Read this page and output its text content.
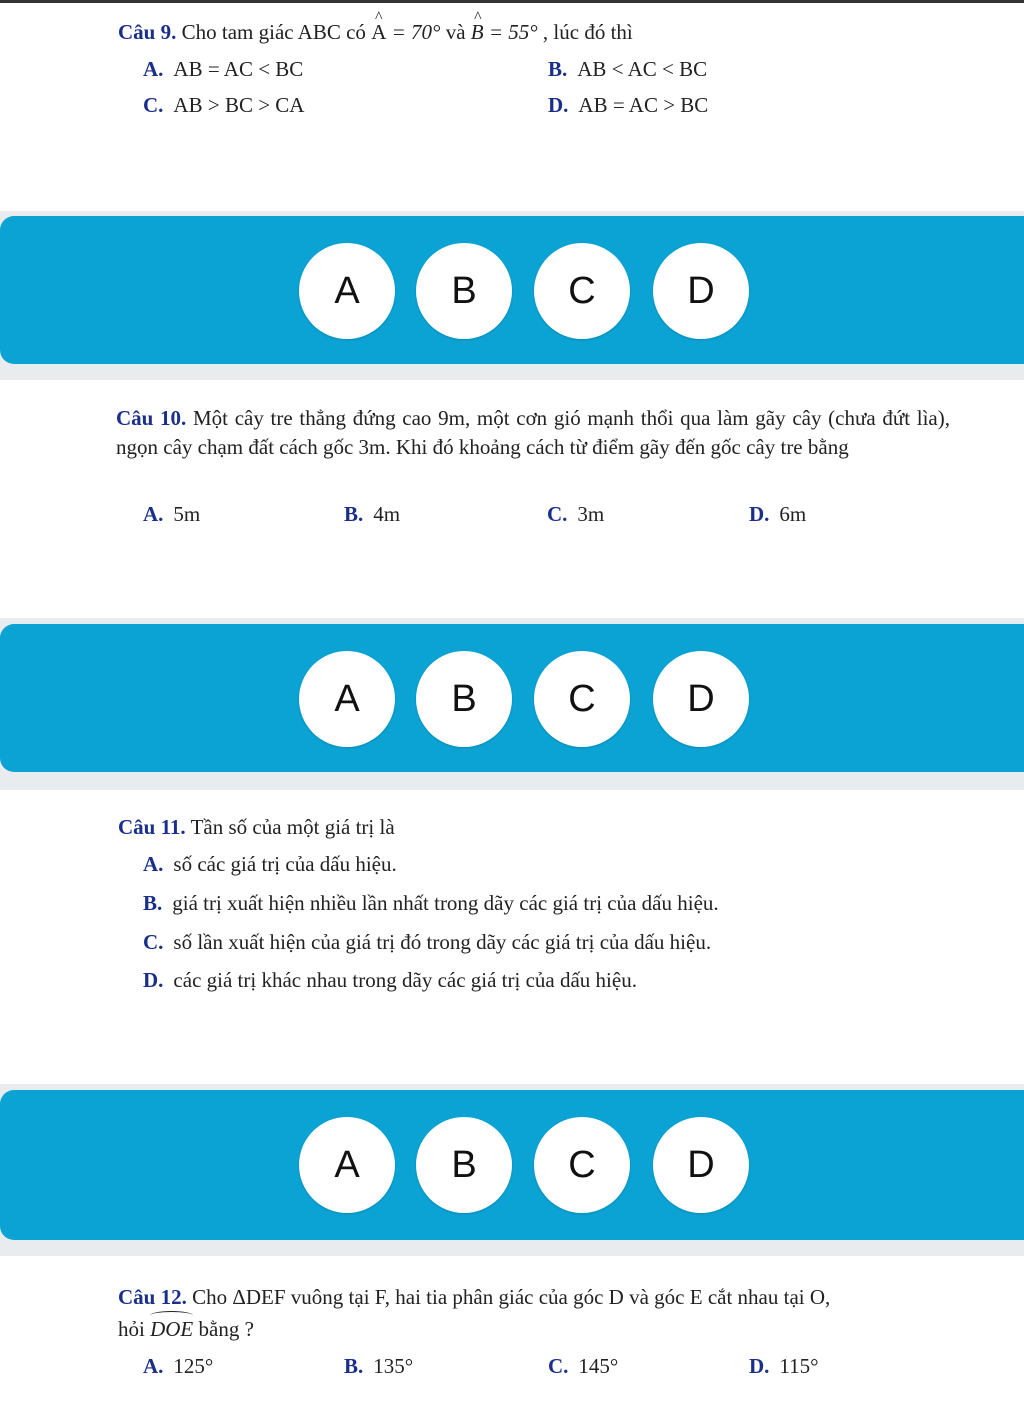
Câu 9. Cho tam giác ABC có ^ A = 70° và ^ B = 55° , lúc đó thì
A. AB = AC < BC	B. AB < AC < BC
C. AB > BC > CA	D. AB = AC > BC
A	B	C	D
Câu 10. Một cây tre thẳng đứng cao 9m, một cơn gió mạnh thổi qua làm gãy cây (chưa đứt lìa), ngọn cây chạm đất cách gốc 3m. Khi đó khoảng cách từ điểm gãy đến gốc cây tre bằng
A. 5m	B. 4m	C. 3m	D. 6m
A	B	C	D
Câu 11. Tần số của một giá trị là
A. số các giá trị của dấu hiệu.
B. giá trị xuất hiện nhiều lần nhất trong dãy các giá trị của dấu hiệu.
C. số lần xuất hiện của giá trị đó trong dãy các giá trị của dấu hiệu.
D. các giá trị khác nhau trong dãy các giá trị của dấu hiệu.
A	B	C	D
Câu 12. Cho ΔDEF vuông tại F, hai tia phân giác của góc D và góc E cắt nhau tại O,
hỏi DOE bằng ?
A. 125°	B. 135°	C. 145°	D. 115°
